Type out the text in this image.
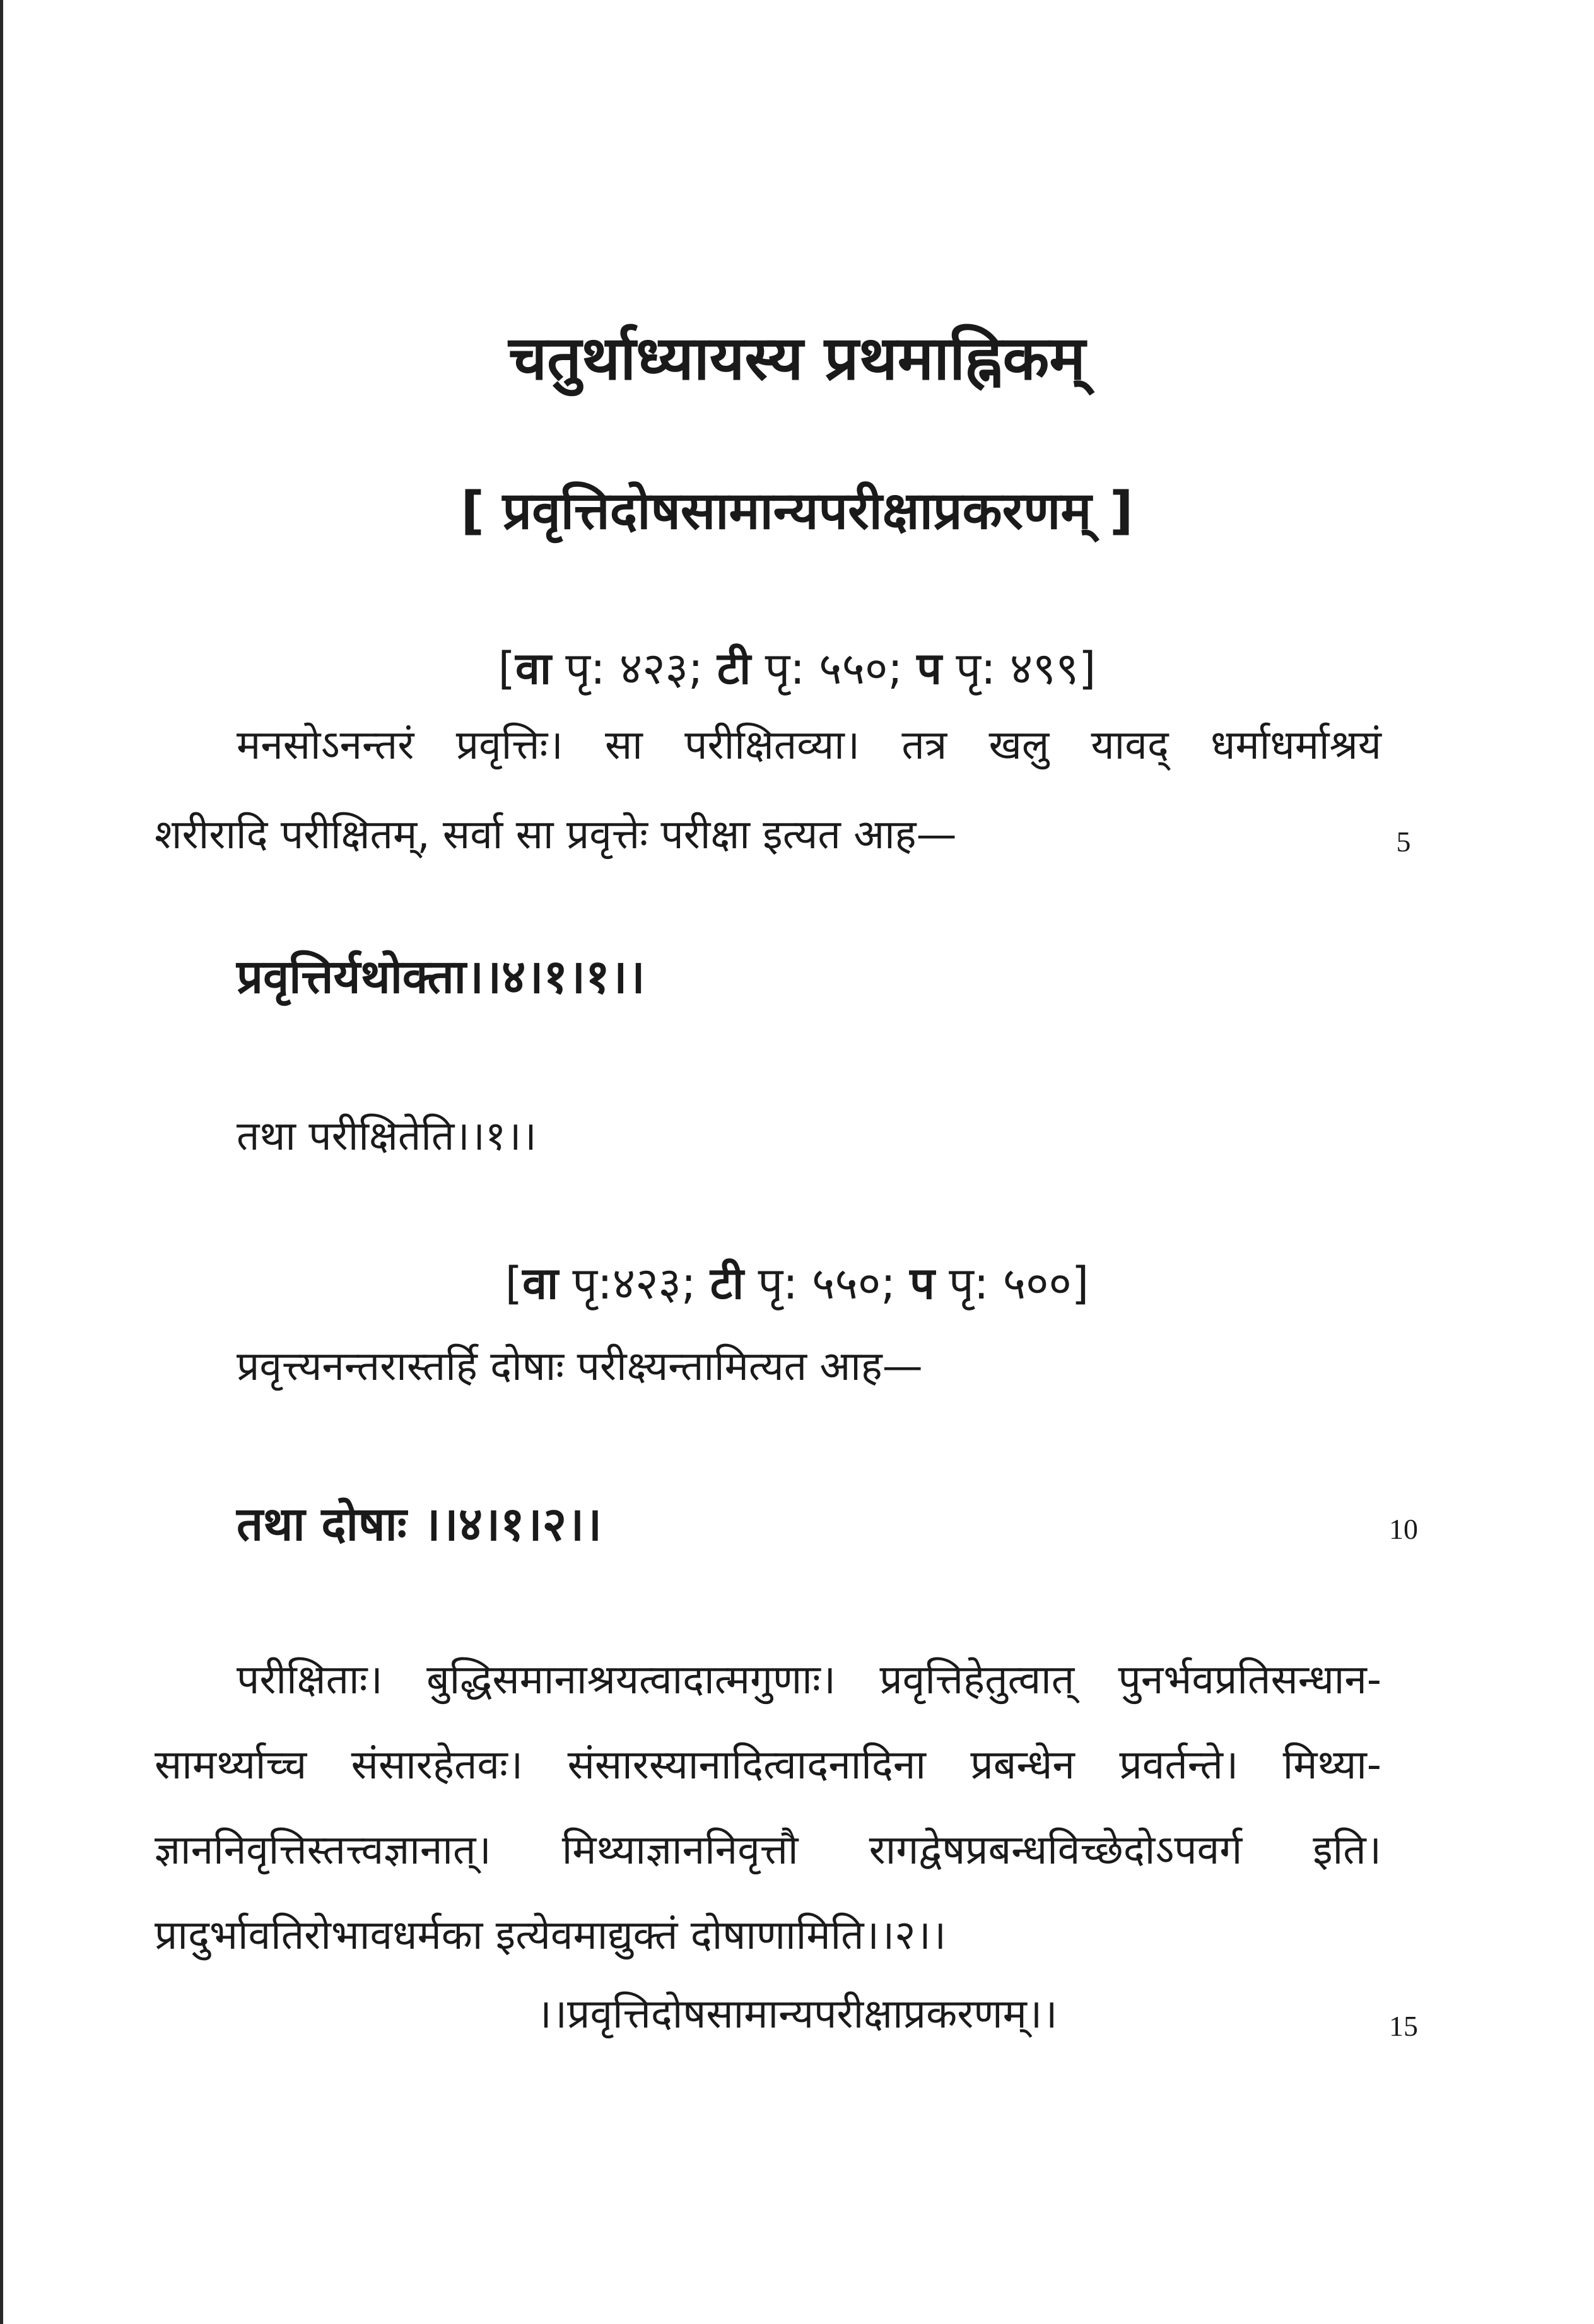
चतुर्थाध्यायस्य प्रथमाह्निकम्
[ प्रवृत्तिदोषसामान्यपरीक्षाप्रकरणम् ]
[वा पृ: ४२३; टी पृ: ५५०; प पृ: ४९९]
मनसोऽनन्तरं प्रवृत्तिः। सा परीक्षितव्या। तत्र खलु यावद् धर्माधर्माश्रयं
शरीरादि परीक्षितम्, सर्वा सा प्रवृत्तेः परीक्षा इत्यत आह—	5
प्रवृत्तिर्यथोक्ता।।४।१।१।।
तथा परीक्षितेति।।१।।
[वा पृ:४२३; टी पृ: ५५०; प पृ: ५००]
प्रवृत्त्यनन्तरास्तर्हि दोषाः परीक्ष्यन्तामित्यत आह—
तथा दोषाः ।।४।१।२।।	10
परीक्षिताः। बुद्धिसमानाश्रयत्वादात्मगुणाः। प्रवृत्तिहेतुत्वात् पुनर्भवप्रतिसन्धान-
सामर्थ्याच्च संसारहेतवः। संसारस्यानादित्वादनादिना प्रबन्धेन प्रवर्तन्ते। मिथ्या-
ज्ञाननिवृत्तिस्तत्त्वज्ञानात्। मिथ्याज्ञाननिवृत्तौ रागद्वेषप्रबन्धविच्छेदोऽपवर्ग इति।
प्रादुर्भावतिरोभावधर्मका इत्येवमाद्युक्तं दोषाणामिति।।२।।
।।प्रवृत्तिदोषसामान्यपरीक्षाप्रकरणम्।।	15
